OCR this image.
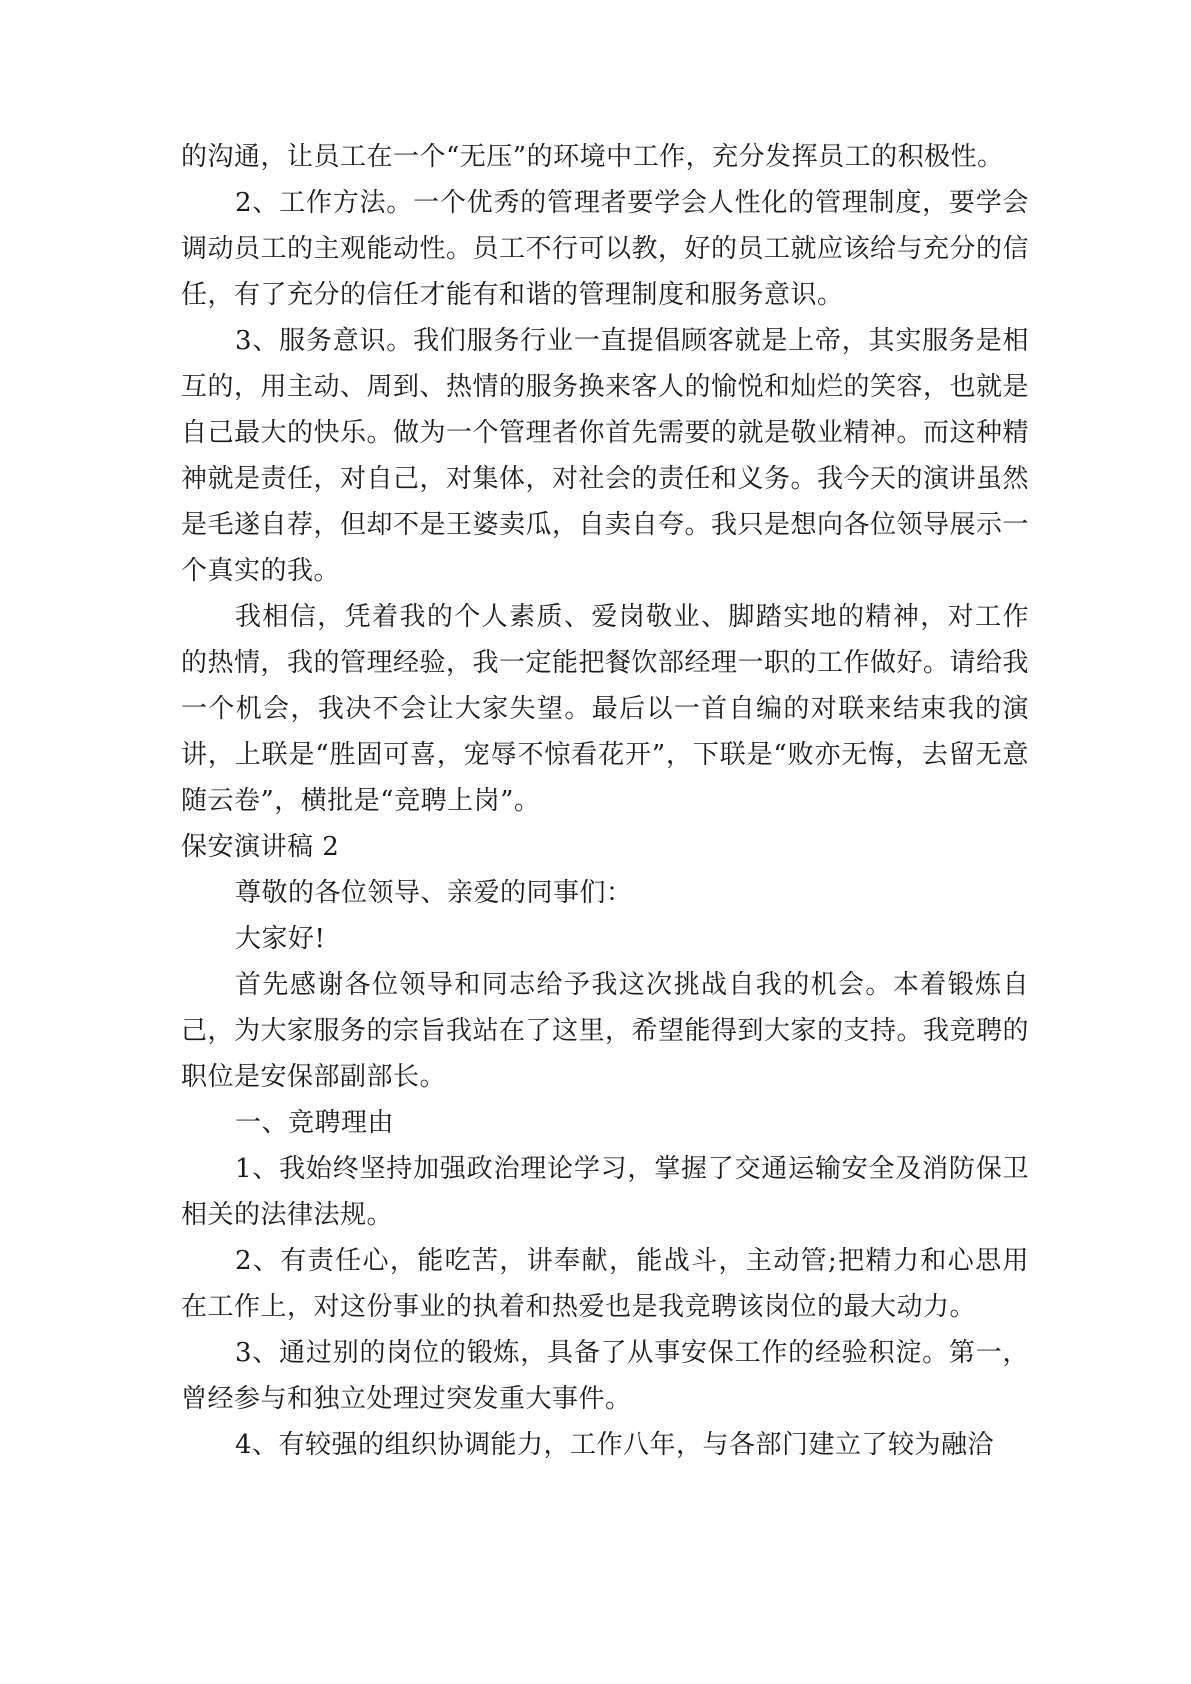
的沟通，让员工在一个“无压”的环境中工作，充分发挥员工的积极性。

2、工作方法。一个优秀的管理者要学会人性化的管理制度，要学会调动员工的主观能动性。员工不行可以教，好的员工就应该给与充分的信任，有了充分的信任才能有和谐的管理制度和服务意识。

3、服务意识。我们服务行业一直提倡顾客就是上帝，其实服务是相互的，用主动、周到、热情的服务换来客人的愉悦和灿烂的笑容，也就是自己最大的快乐。做为一个管理者你首先需要的就是敬业精神。而这种精神就是责任，对自己，对集体，对社会的责任和义务。我今天的演讲虽然是毛遂自荐，但却不是王婆卖瓜，自卖自夸。我只是想向各位领导展示一个真实的我。

我相信，凭着我的个人素质、爱岗敬业、脚踏实地的精神，对工作的热情，我的管理经验，我一定能把餐饮部经理一职的工作做好。请给我一个机会，我决不会让大家失望。最后以一首自编的对联来结束我的演讲，上联是“胜固可喜，宠辱不惊看花开”，下联是“败亦无悔，去留无意随云卷”，横批是“竞聘上岗”。

保安演讲稿 2

尊敬的各位领导、亲爱的同事们：

大家好!

首先感谢各位领导和同志给予我这次挑战自我的机会。本着锻炼自己，为大家服务的宗旨我站在了这里，希望能得到大家的支持。我竞聘的职位是安保部副部长。

一、竞聘理由

1、我始终坚持加强政治理论学习，掌握了交通运输安全及消防保卫相关的法律法规。

2、有责任心，能吃苦，讲奉献，能战斗，主动管;把精力和心思用在工作上，对这份事业的执着和热爱也是我竞聘该岗位的最大动力。

3、通过别的岗位的锻炼，具备了从事安保工作的经验积淀。第一，曾经参与和独立处理过突发重大事件。

4、有较强的组织协调能力，工作八年，与各部门建立了较为融洽
